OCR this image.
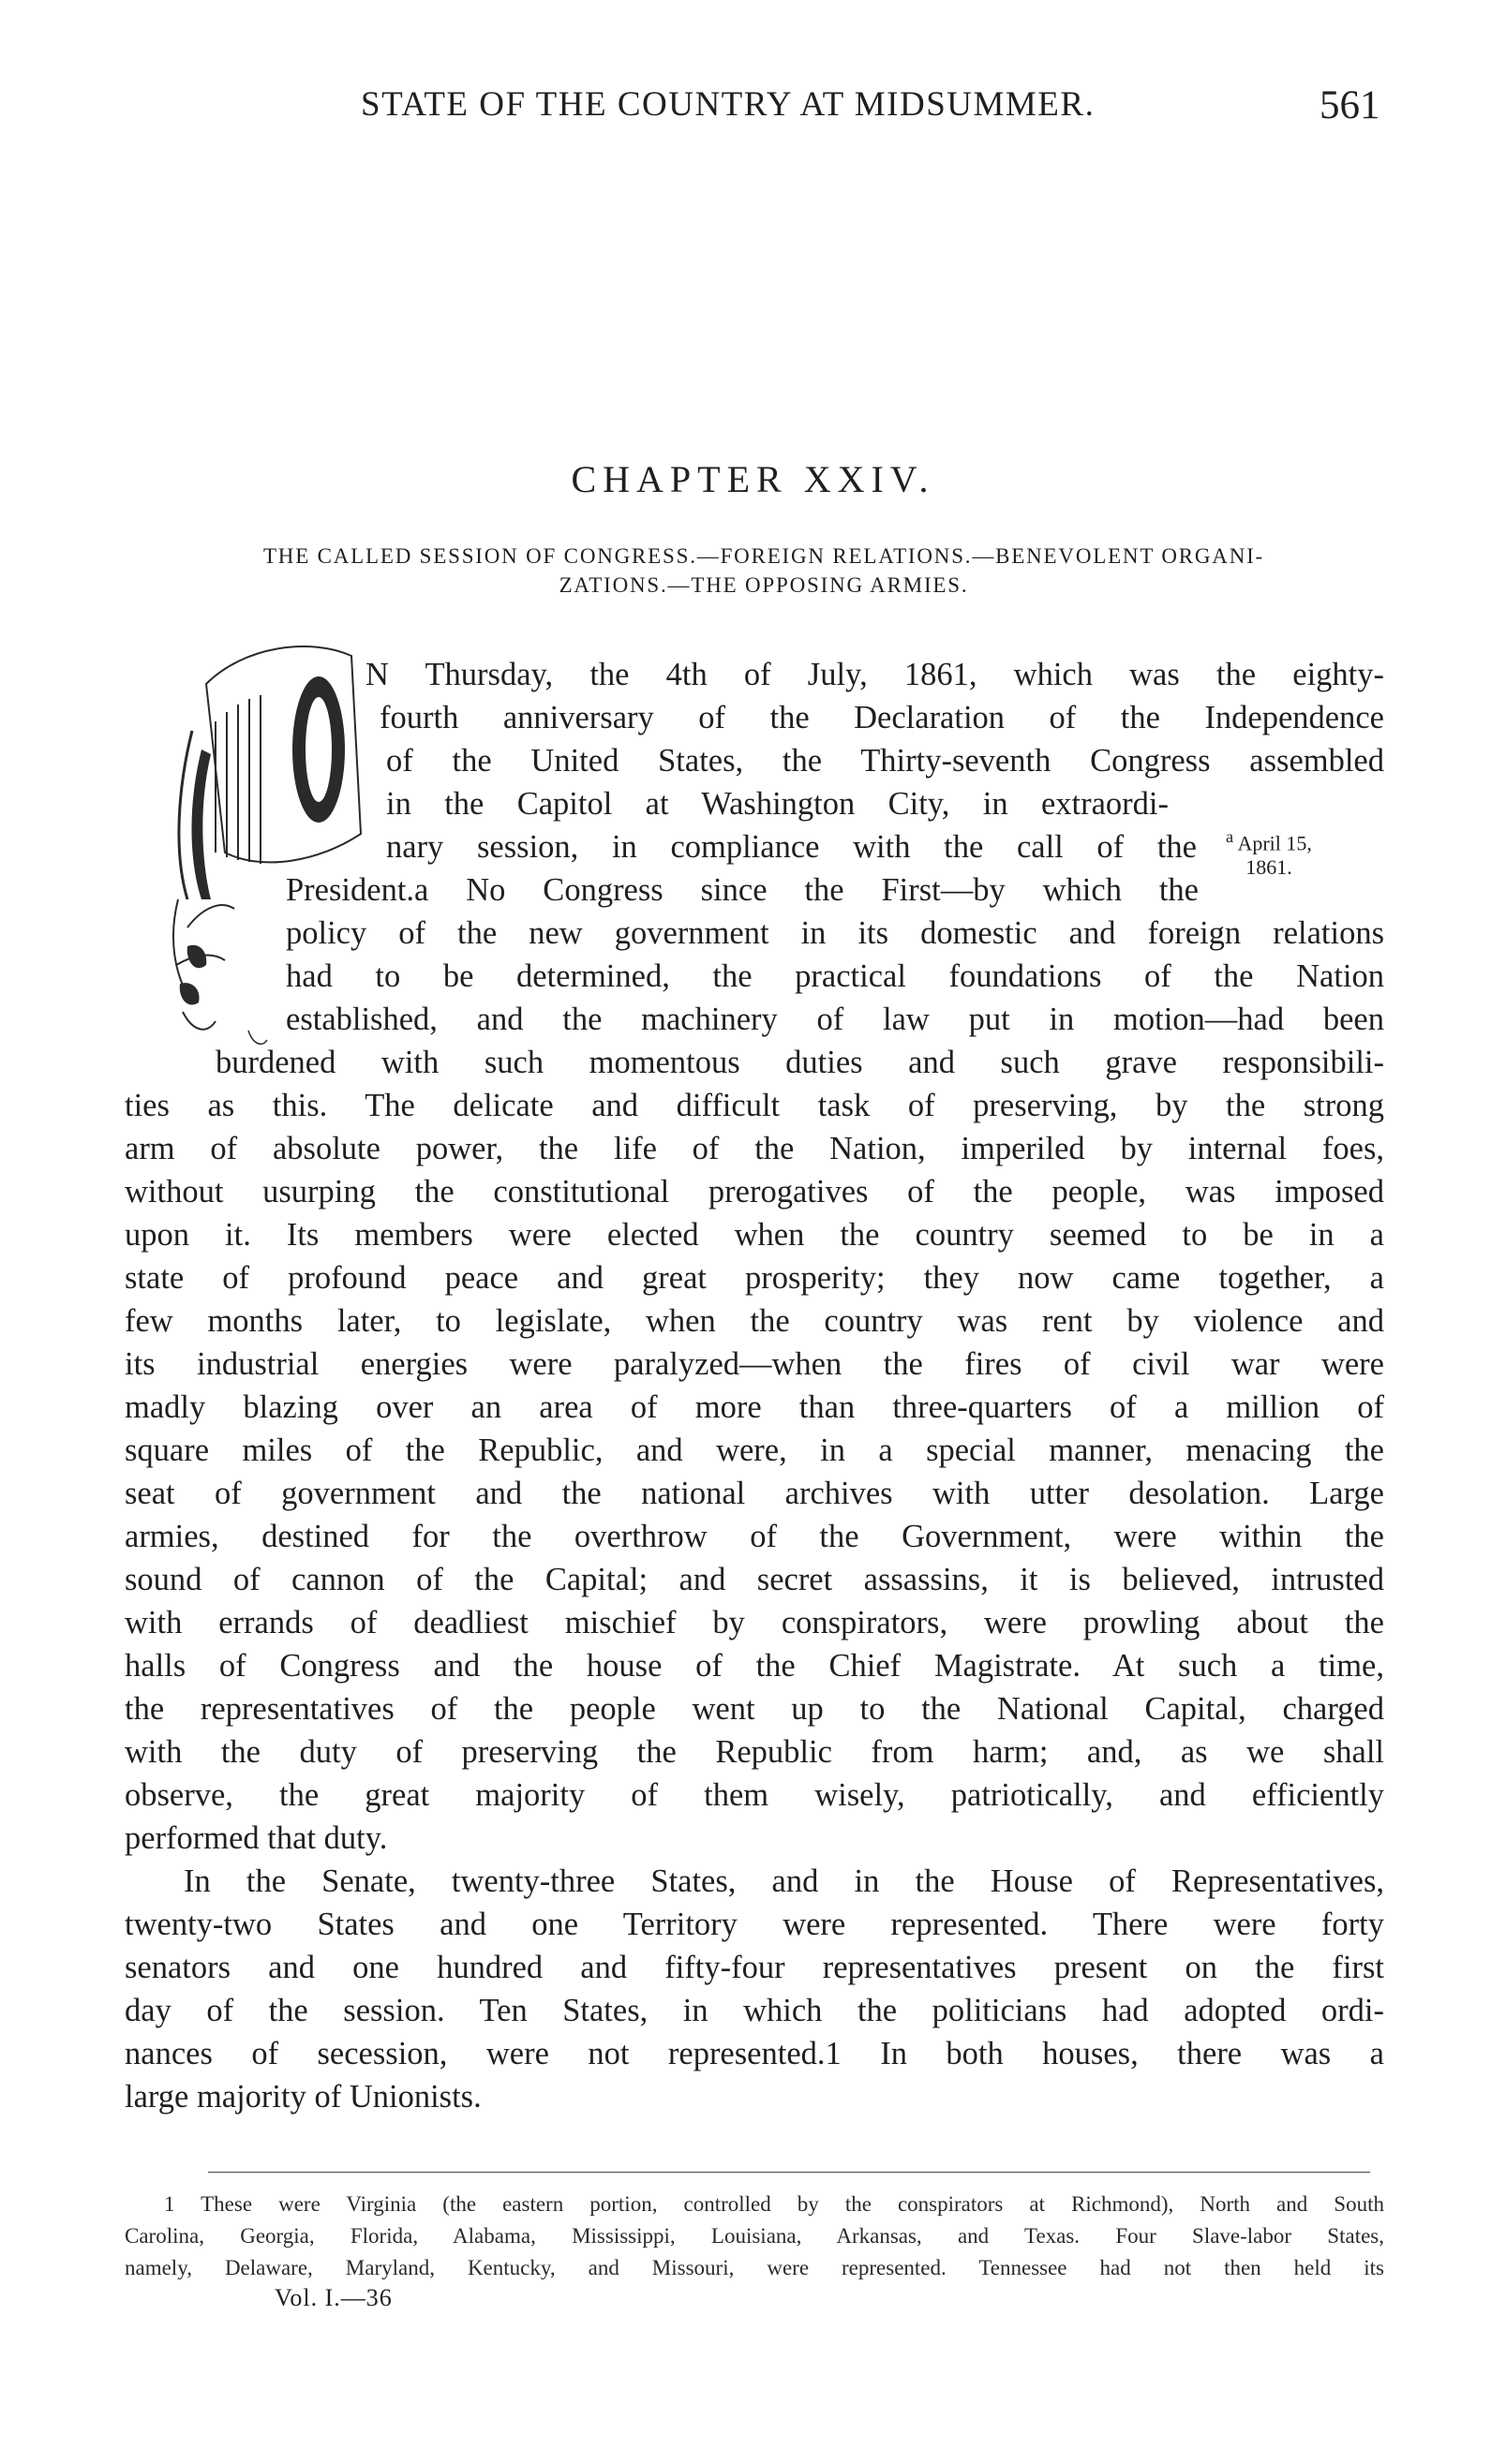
STATE OF THE COUNTRY AT MIDSUMMER.	561
CHAPTER XXIV.
THE CALLED SESSION OF CONGRESS.—FOREIGN RELATIONS.—BENEVOLENT ORGANI-
ZATIONS.—THE OPPOSING ARMIES.
$^a$ April 15,
1861.
N Thursday, the 4th of July, 1861, which was the eighty-
fourth anniversary of the Declaration of the Independence
of the United States, the Thirty-seventh Congress assembled
in the Capitol at Washington City, in extraordi-
nary session, in compliance with the call of the
President.a No Congress since the First—by which the
policy of the new government in its domestic and foreign relations
had to be determined, the practical foundations of the Nation
established, and the machinery of law put in motion—had been
burdened with such momentous duties and such grave responsibili-
ties as this. The delicate and difficult task of preserving, by the strong
arm of absolute power, the life of the Nation, imperiled by internal foes,
without usurping the constitutional prerogatives of the people, was imposed
upon it. Its members were elected when the country seemed to be in a
state of profound peace and great prosperity; they now came together, a
few months later, to legislate, when the country was rent by violence and
its industrial energies were paralyzed—when the fires of civil war were
madly blazing over an area of more than three-quarters of a million of
square miles of the Republic, and were, in a special manner, menacing the
seat of government and the national archives with utter desolation. Large
armies, destined for the overthrow of the Government, were within the
sound of cannon of the Capital; and secret assassins, it is believed, intrusted
with errands of deadliest mischief by conspirators, were prowling about the
halls of Congress and the house of the Chief Magistrate. At such a time,
the representatives of the people went up to the National Capital, charged
with the duty of preserving the Republic from harm; and, as we shall
observe, the great majority of them wisely, patriotically, and efficiently
performed that duty.
In the Senate, twenty-three States, and in the House of Representatives,
twenty-two States and one Territory were represented. There were forty
senators and one hundred and fifty-four representatives present on the first
day of the session. Ten States, in which the politicians had adopted ordi-
nances of secession, were not represented.1 In both houses, there was a
large majority of Unionists.
1 These were Virginia (the eastern portion, controlled by the conspirators at Richmond), North and South
Carolina, Georgia, Florida, Alabama, Mississippi, Louisiana, Arkansas, and Texas. Four Slave-labor States,
namely, Delaware, Maryland, Kentucky, and Missouri, were represented. Tennessee had not then held its
Vol. I.—36
